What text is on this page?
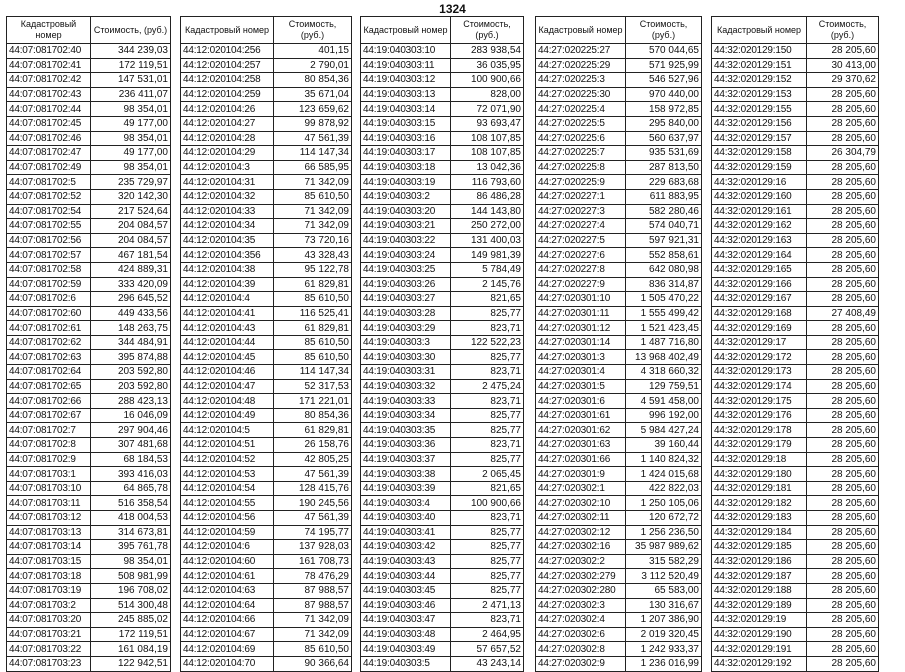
1324
Кадастровый номер	Стоимость, (руб.)
44:07:081702:40	344 239,03
44:07:081702:41	172 119,51
44:07:081702:42	147 531,01
44:07:081702:43	236 411,07
44:07:081702:44	98 354,01
44:07:081702:45	49 177,00
44:07:081702:46	98 354,01
44:07:081702:47	49 177,00
44:07:081702:49	98 354,01
44:07:081702:5	235 729,97
44:07:081702:52	320 142,30
44:07:081702:54	217 524,64
44:07:081702:55	204 084,57
44:07:081702:56	204 084,57
44:07:081702:57	467 181,54
44:07:081702:58	424 889,31
44:07:081702:59	333 420,09
44:07:081702:6	296 645,52
44:07:081702:60	449 433,56
44:07:081702:61	148 263,75
44:07:081702:62	344 484,91
44:07:081702:63	395 874,88
44:07:081702:64	203 592,80
44:07:081702:65	203 592,80
44:07:081702:66	288 423,13
44:07:081702:67	16 046,09
44:07:081702:7	297 904,46
44:07:081702:8	307 481,68
44:07:081702:9	68 184,53
44:07:081703:1	393 416,03
44:07:081703:10	64 865,78
44:07:081703:11	516 358,54
44:07:081703:12	418 004,53
44:07:081703:13	314 673,81
44:07:081703:14	395 761,78
44:07:081703:15	98 354,01
44:07:081703:18	508 981,99
44:07:081703:19	196 708,02
44:07:081703:2	514 300,48
44:07:081703:20	245 885,02
44:07:081703:21	172 119,51
44:07:081703:22	161 084,19
44:07:081703:23	122 942,51
Кадастровый номер	Стоимость, (руб.)
44:12:020104:256	401,15
44:12:020104:257	2 790,01
44:12:020104:258	80 854,36
44:12:020104:259	35 671,04
44:12:020104:26	123 659,62
44:12:020104:27	99 878,92
44:12:020104:28	47 561,39
44:12:020104:29	114 147,34
44:12:020104:3	66 585,95
44:12:020104:31	71 342,09
44:12:020104:32	85 610,50
44:12:020104:33	71 342,09
44:12:020104:34	71 342,09
44:12:020104:35	73 720,16
44:12:020104:356	43 328,43
44:12:020104:38	95 122,78
44:12:020104:39	61 829,81
44:12:020104:4	85 610,50
44:12:020104:41	116 525,41
44:12:020104:43	61 829,81
44:12:020104:44	85 610,50
44:12:020104:45	85 610,50
44:12:020104:46	114 147,34
44:12:020104:47	52 317,53
44:12:020104:48	171 221,01
44:12:020104:49	80 854,36
44:12:020104:5	61 829,81
44:12:020104:51	26 158,76
44:12:020104:52	42 805,25
44:12:020104:53	47 561,39
44:12:020104:54	128 415,76
44:12:020104:55	190 245,56
44:12:020104:56	47 561,39
44:12:020104:59	74 195,77
44:12:020104:6	137 928,03
44:12:020104:60	161 708,73
44:12:020104:61	78 476,29
44:12:020104:63	87 988,57
44:12:020104:64	87 988,57
44:12:020104:66	71 342,09
44:12:020104:67	71 342,09
44:12:020104:69	85 610,50
44:12:020104:70	90 366,64
Кадастровый номер	Стоимость, (руб.)
44:19:040303:10	283 938,54
44:19:040303:11	36 035,95
44:19:040303:12	100 900,66
44:19:040303:13	828,00
44:19:040303:14	72 071,90
44:19:040303:15	93 693,47
44:19:040303:16	108 107,85
44:19:040303:17	108 107,85
44:19:040303:18	13 042,36
44:19:040303:19	116 793,60
44:19:040303:2	86 486,28
44:19:040303:20	144 143,80
44:19:040303:21	250 272,00
44:19:040303:22	131 400,03
44:19:040303:24	149 981,39
44:19:040303:25	5 784,49
44:19:040303:26	2 145,76
44:19:040303:27	821,65
44:19:040303:28	825,77
44:19:040303:29	823,71
44:19:040303:3	122 522,23
44:19:040303:30	825,77
44:19:040303:31	823,71
44:19:040303:32	2 475,24
44:19:040303:33	823,71
44:19:040303:34	825,77
44:19:040303:35	825,77
44:19:040303:36	823,71
44:19:040303:37	825,77
44:19:040303:38	2 065,45
44:19:040303:39	821,65
44:19:040303:4	100 900,66
44:19:040303:40	823,71
44:19:040303:41	825,77
44:19:040303:42	825,77
44:19:040303:43	825,77
44:19:040303:44	825,77
44:19:040303:45	825,77
44:19:040303:46	2 471,13
44:19:040303:47	823,71
44:19:040303:48	2 464,95
44:19:040303:49	57 657,52
44:19:040303:5	43 243,14
Кадастровый номер	Стоимость, (руб.)
44:27:020225:27	570 044,65
44:27:020225:29	571 925,99
44:27:020225:3	546 527,96
44:27:020225:30	970 440,00
44:27:020225:4	158 972,85
44:27:020225:5	295 840,00
44:27:020225:6	560 637,97
44:27:020225:7	935 531,69
44:27:020225:8	287 813,50
44:27:020225:9	229 683,68
44:27:020227:1	611 883,95
44:27:020227:3	582 280,46
44:27:020227:4	574 040,71
44:27:020227:5	597 921,31
44:27:020227:6	552 858,61
44:27:020227:8	642 080,98
44:27:020227:9	836 314,87
44:27:020301:10	1 505 470,22
44:27:020301:11	1 555 499,42
44:27:020301:12	1 521 423,45
44:27:020301:14	1 487 716,80
44:27:020301:3	13 968 402,49
44:27:020301:4	4 318 660,32
44:27:020301:5	129 759,51
44:27:020301:6	4 591 458,00
44:27:020301:61	996 192,00
44:27:020301:62	5 984 427,24
44:27:020301:63	39 160,44
44:27:020301:66	1 140 824,32
44:27:020301:9	1 424 015,68
44:27:020302:1	422 822,03
44:27:020302:10	1 250 105,06
44:27:020302:11	120 672,72
44:27:020302:12	1 256 236,50
44:27:020302:16	35 987 989,62
44:27:020302:2	315 582,29
44:27:020302:279	3 112 520,49
44:27:020302:280	65 583,00
44:27:020302:3	130 316,67
44:27:020302:4	1 207 386,90
44:27:020302:6	2 019 320,45
44:27:020302:8	1 242 933,37
44:27:020302:9	1 236 016,99
Кадастровый номер	Стоимость, (руб.)
44:32:020129:150	28 205,60
44:32:020129:151	30 413,00
44:32:020129:152	29 370,62
44:32:020129:153	28 205,60
44:32:020129:155	28 205,60
44:32:020129:156	28 205,60
44:32:020129:157	28 205,60
44:32:020129:158	26 304,79
44:32:020129:159	28 205,60
44:32:020129:16	28 205,60
44:32:020129:160	28 205,60
44:32:020129:161	28 205,60
44:32:020129:162	28 205,60
44:32:020129:163	28 205,60
44:32:020129:164	28 205,60
44:32:020129:165	28 205,60
44:32:020129:166	28 205,60
44:32:020129:167	28 205,60
44:32:020129:168	27 408,49
44:32:020129:169	28 205,60
44:32:020129:17	28 205,60
44:32:020129:172	28 205,60
44:32:020129:173	28 205,60
44:32:020129:174	28 205,60
44:32:020129:175	28 205,60
44:32:020129:176	28 205,60
44:32:020129:178	28 205,60
44:32:020129:179	28 205,60
44:32:020129:18	28 205,60
44:32:020129:180	28 205,60
44:32:020129:181	28 205,60
44:32:020129:182	28 205,60
44:32:020129:183	28 205,60
44:32:020129:184	28 205,60
44:32:020129:185	28 205,60
44:32:020129:186	28 205,60
44:32:020129:187	28 205,60
44:32:020129:188	28 205,60
44:32:020129:189	28 205,60
44:32:020129:19	28 205,60
44:32:020129:190	28 205,60
44:32:020129:191	28 205,60
44:32:020129:192	28 205,60
